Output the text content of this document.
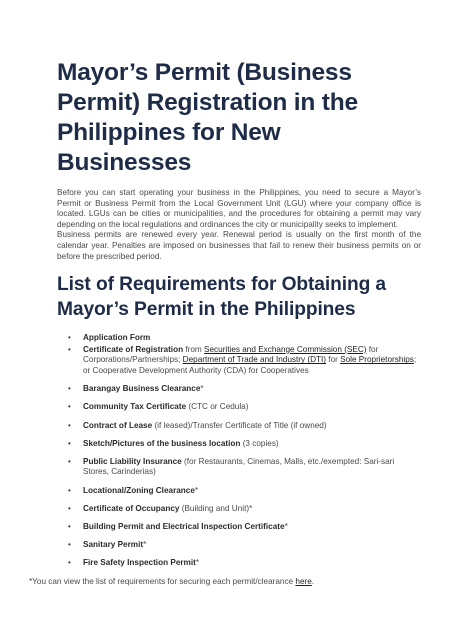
Mayor’s Permit (Business Permit) Registration in the Philippines for New Businesses

Before you can start operating your business in the Philippines, you need to secure a Mayor’s Permit or Business Permit from the Local Government Unit (LGU) where your company office is located. LGUs can be cities or municipalities, and the procedures for obtaining a permit may vary depending on the local regulations and ordinances the city or municipality seeks to implement.

Business permits are renewed every year. Renewal period is usually on the first month of the calendar year. Penalties are imposed on businesses that fail to renew their business permits on or before the prescribed period.

List of Requirements for Obtaining a Mayor’s Permit in the Philippines
• Application Form
• Certificate of Registration from Securities and Exchange Commission (SEC) for Corporations/Partnerships; Department of Trade and Industry (DTI) for Sole Proprietorships; or Cooperative Development Authority (CDA) for Cooperatives
• Barangay Business Clearance*
• Community Tax Certificate (CTC or Cedula)
• Contract of Lease (if leased)/Transfer Certificate of Title (if owned)
• Sketch/Pictures of the business location (3 copies)
• Public Liability Insurance (for Restaurants, Cinemas, Malls, etc./exempted: Sari-sari Stores, Carinderias)
• Locational/Zoning Clearance*
• Certificate of Occupancy (Building and Unit)*
• Building Permit and Electrical Inspection Certificate*
• Sanitary Permit*
• Fire Safety Inspection Permit*

*You can view the list of requirements for securing each permit/clearance here.
